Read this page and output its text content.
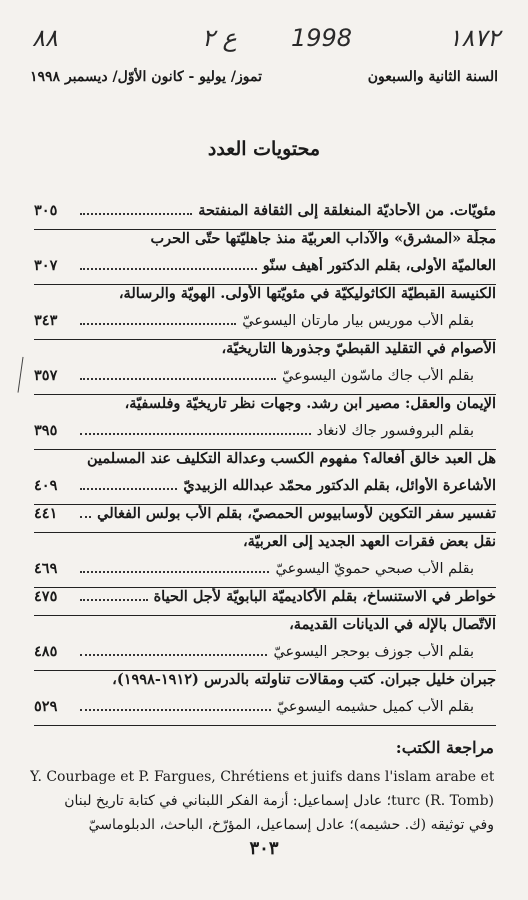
۸۸	ع ٢ 1998	۱۸۷۲
السنة الثانية والسبعون
تموز/ يوليو - كانون الأوّل/ ديسمبر ١٩٩٨
محتويات العدد
مئويّات. من الأحاديّة المنغلقة إلى الثقافة المنفتحة
٣٠٥
مجلّة «المشرق» والآداب العربيّة منذ جاهليّتها حتّى الحرب
العالميّة الأولى، بقلم الدكتور أهيف سنّو
٣٠٧
الكنيسة القبطيّة الكاثوليكيّة في مئويّتها الأولى. الهويّة والرسالة،
بقلم الأب موريس بيار مارتان اليسوعيّ
٣٤٣
الأصوام في التقليد القبطيّ وجذورها التاريخيّة،
بقلم الأب جاك ماسّون اليسوعيّ
٣٥٧
الإيمان والعقل: مصير ابن رشد. وجهات نظر تاريخيّة وفلسفيّة،
بقلم البروفسور جاك لانغاد
٣٩٥
هل العبد خالق أفعاله؟ مفهوم الكسب وعدالة التكليف عند المسلمين
الأشاعرة الأوائل، بقلم الدكتور محمّد عبدالله الزبيديّ
٤٠٩
تفسير سفر التكوين لأوسابيوس الحمصيّ، بقلم الأب بولس الفغالي
٤٤١
نقل بعض فقرات العهد الجديد إلى العربيّة،
بقلم الأب صبحي حمويّ اليسوعيّ
٤٦٩
خواطر في الاستنساخ، بقلم الأكاديميّة البابويّة لأجل الحياة
٤٧٥
الاتّصال بالإله في الديانات القديمة،
بقلم الأب جوزف بوحجر اليسوعيّ
٤٨٥
جبران خليل جبران. كتب ومقالات تناولته بالدرس (١٩١٢-١٩٩٨)،
بقلم الأب كميل حشيمه اليسوعيّ
٥٢٩
مراجعة الكتب:
Y. Courbage et P. Fargues, Chrétiens et juifs dans l'islam arabe et
turc (R. Tomb)؛ عادل إسماعيل: أزمة الفكر اللبناني في كتابة تاريخ لبنان
وفي توثيقه (ك. حشيمه)؛ عادل إسماعيل، المؤرّخ، الباحث، الدبلوماسيّ
٣٠٣
